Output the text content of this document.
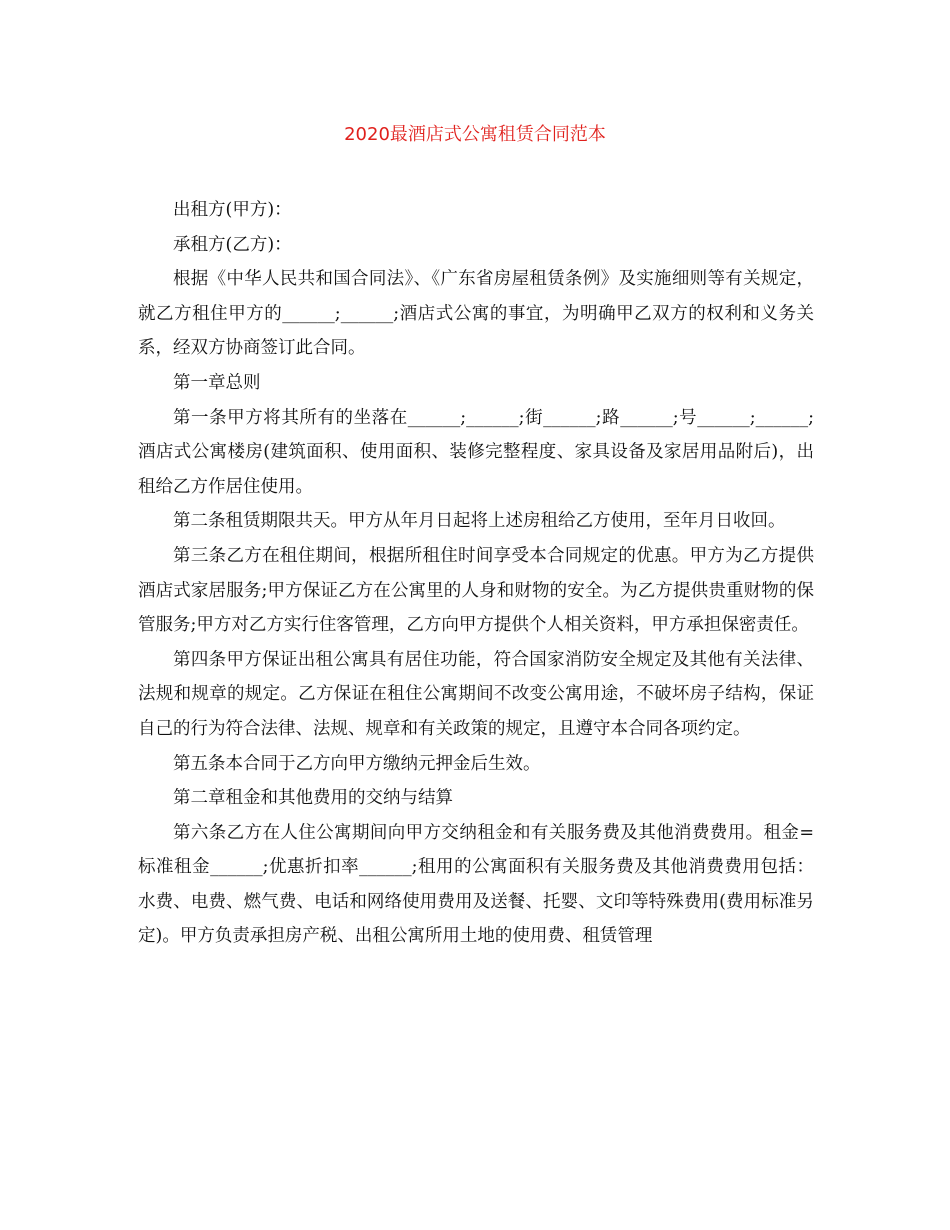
2020最酒店式公寓租赁合同范本

出租方(甲方)：

承租方(乙方)：

根据《中华人民共和国合同法》、《广东省房屋租赁条例》及实施细则等有关规定，就乙方租住甲方的______;______;酒店式公寓的事宜，为明确甲乙双方的权利和义务关系，经双方协商签订此合同。

第一章总则

第一条甲方将其所有的坐落在______;______;街______;路______;号______;______;酒店式公寓楼房(建筑面积、使用面积、装修完整程度、家具设备及家居用品附后)，出租给乙方作居住使用。

第二条租赁期限共天。甲方从年月日起将上述房租给乙方使用，至年月日收回。

第三条乙方在租住期间，根据所租住时间享受本合同规定的优惠。甲方为乙方提供酒店式家居服务;甲方保证乙方在公寓里的人身和财物的安全。为乙方提供贵重财物的保管服务;甲方对乙方实行住客管理，乙方向甲方提供个人相关资料，甲方承担保密责任。

第四条甲方保证出租公寓具有居住功能，符合国家消防安全规定及其他有关法律、法规和规章的规定。乙方保证在租住公寓期间不改变公寓用途，不破坏房子结构，保证自己的行为符合法律、法规、规章和有关政策的规定，且遵守本合同各项约定。

第五条本合同于乙方向甲方缴纳元押金后生效。

第二章租金和其他费用的交纳与结算

第六条乙方在人住公寓期间向甲方交纳租金和有关服务费及其他消费费用。租金=标准租金______;优惠折扣率______;租用的公寓面积有关服务费及其他消费费用包括：水费、电费、燃气费、电话和网络使用费用及送餐、托婴、文印等特殊费用(费用标准另定)。甲方负责承担房产税、出租公寓所用土地的使用费、租赁管理
